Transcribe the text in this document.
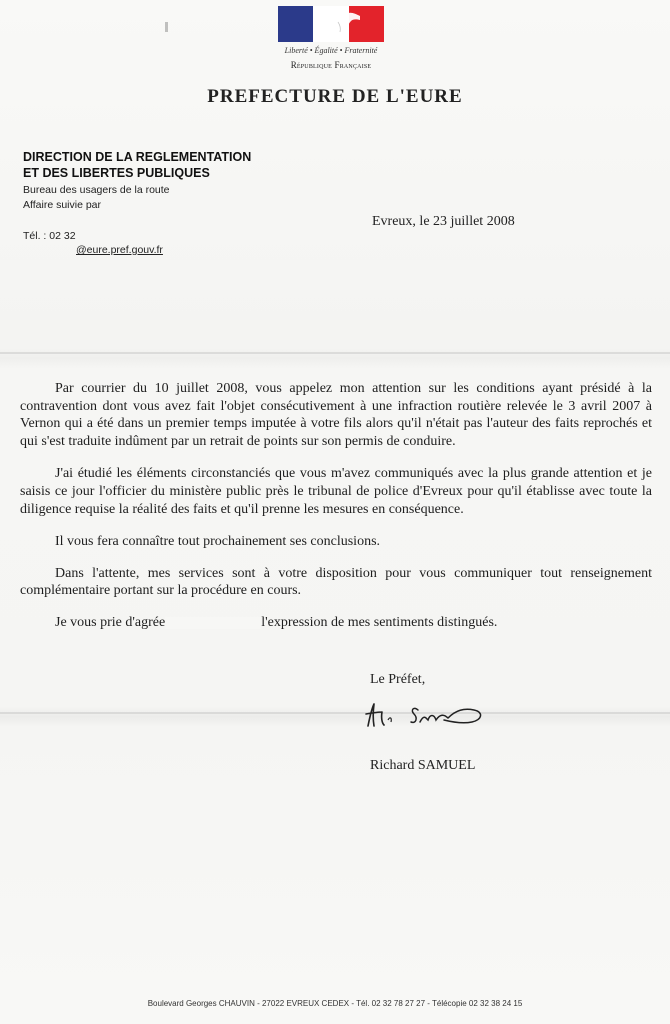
Liberté • Égalité • Fraternité
République Française
PREFECTURE DE L'EURE
DIRECTION DE LA REGLEMENTATION
ET DES LIBERTES PUBLIQUES
Bureau des usagers de la route
Affaire suivie par
Tél. : 02 32
@eure.pref.gouv.fr
Evreux, le 23 juillet 2008

Par courrier du 10 juillet 2008, vous appelez mon attention sur les conditions ayant présidé à la contravention dont vous avez fait l'objet consécutivement à une infraction routière relevée le 3 avril 2007 à Vernon qui a été dans un premier temps imputée à votre fils alors qu'il n'était pas l'auteur des faits reprochés et qui s'est traduite indûment par un retrait de points sur son permis de conduire.

J'ai étudié les éléments circonstanciés que vous m'avez communiqués avec la plus grande attention et je saisis ce jour l'officier du ministère public près le tribunal de police d'Evreux pour qu'il établisse avec toute la diligence requise la réalité des faits et qu'il prenne les mesures en conséquence.

Il vous fera connaître tout prochainement ses conclusions.

Dans l'attente, mes services sont à votre disposition pour vous communiquer tout renseignement complémentaire portant sur la procédure en cours.

Je vous prie d'agrée	l'expression de mes sentiments distingués.

Le Préfet,
Richard SAMUEL
Boulevard Georges CHAUVIN - 27022 EVREUX CEDEX - Tél. 02 32 78 27 27 - Télécopie 02 32 38 24 15
